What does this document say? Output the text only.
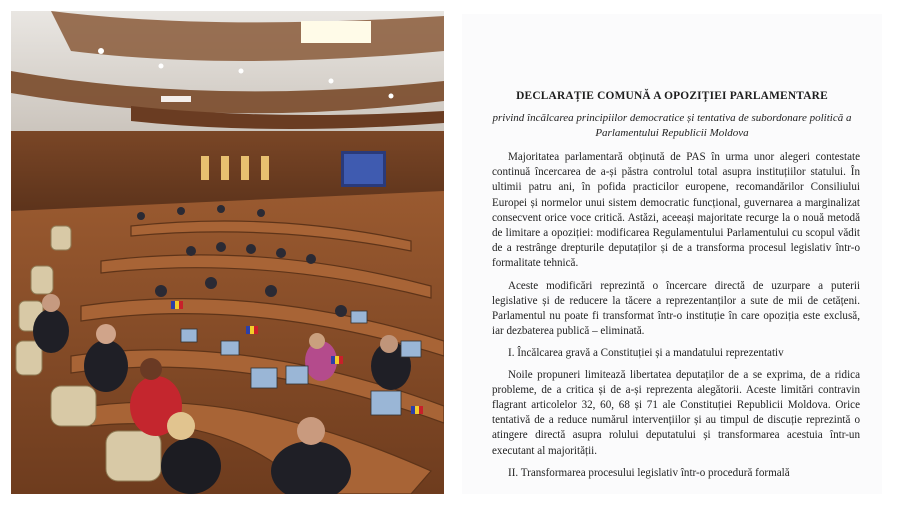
DECLARAȚIE COMUNĂ A OPOZIȚIEI PARLAMENTARE
privind încălcarea principiilor democratice și tentativa de subordonare politică a Parlamentului Republicii Moldova

Majoritatea parlamentară obținută de PAS în urma unor alegeri contestate continuă încercarea de a-și păstra controlul total asupra instituțiilor statului. În ultimii patru ani, în pofida practicilor europene, recomandărilor Consiliului Europei și normelor unui sistem democratic funcțional, guvernarea a marginalizat consecvent orice voce critică. Astăzi, aceeași majoritate recurge la o nouă metodă de limitare a opoziției: modificarea Regulamentului Parlamentului cu scopul vădit de a restrânge drepturile deputaților și de a transforma procesul legislativ într-o formalitate tehnică.

Aceste modificări reprezintă o încercare directă de uzurpare a puterii legislative și de reducere la tăcere a reprezentanților a sute de mii de cetățeni. Parlamentul nu poate fi transformat într-o instituție în care opoziția este exclusă, iar dezbaterea publică – eliminată.

I. Încălcarea gravă a Constituției și a mandatului reprezentativ

Noile propuneri limitează libertatea deputaților de a se exprima, de a ridica probleme, de a critica și de a-și reprezenta alegătorii. Aceste limitări contravin flagrant articolelor 32, 60, 68 și 71 ale Constituției Republicii Moldova. Orice tentativă de a reduce numărul intervențiilor și au timpul de discuție reprezintă o atingere directă asupra rolului deputatului și transformarea acestuia într-un executant al majorității.

II. Transformarea procesului legislativ într-o procedură formală
